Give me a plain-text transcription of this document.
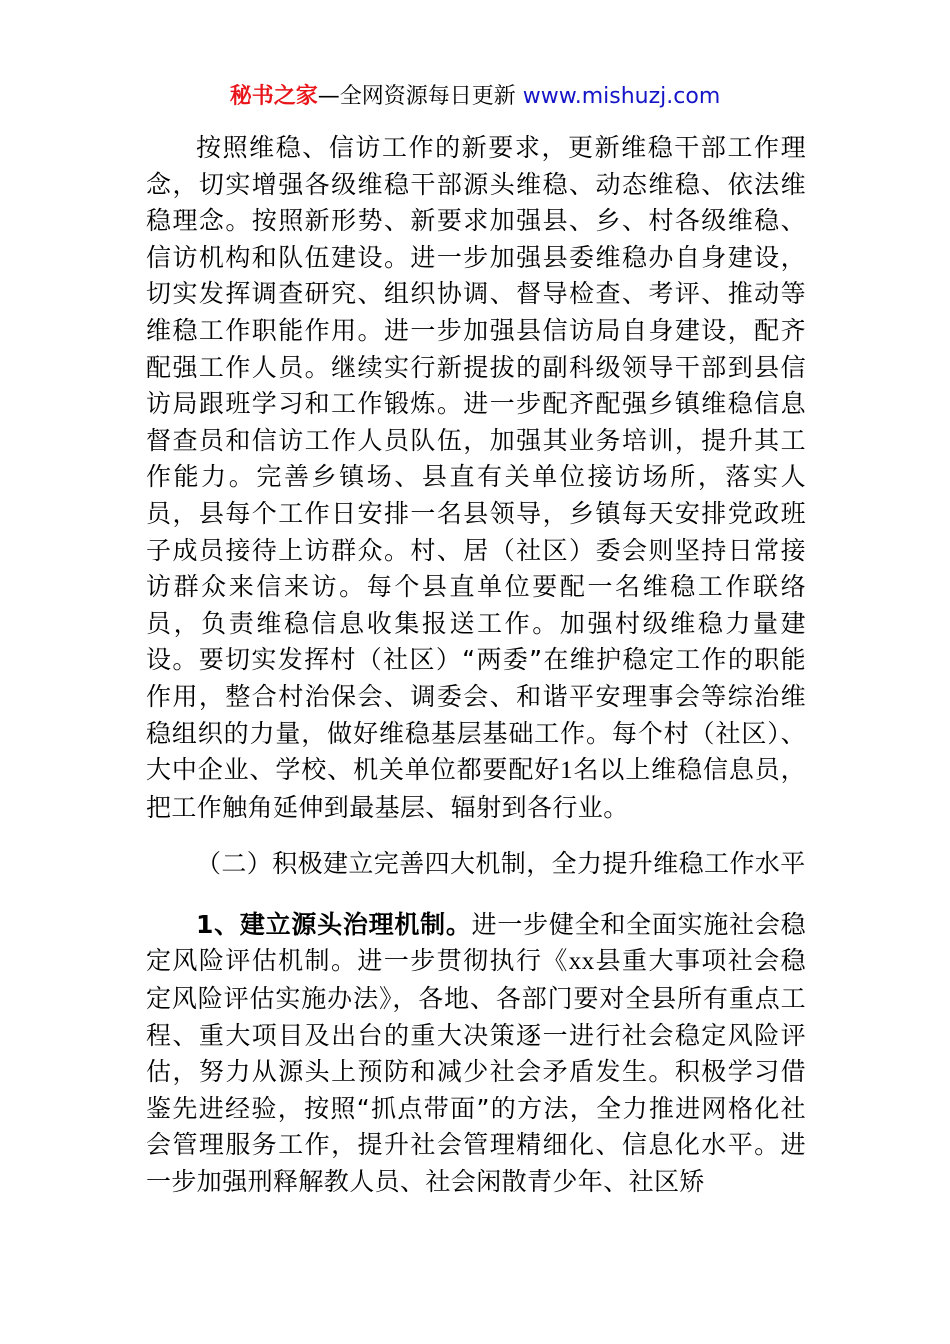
秘书之家—全网资源每日更新 www.mishuzj.com

按照维稳、信访工作的新要求，更新维稳干部工作理念，切实增强各级维稳干部源头维稳、动态维稳、依法维稳理念。按照新形势、新要求加强县、乡、村各级维稳、信访机构和队伍建设。进一步加强县委维稳办自身建设，切实发挥调查研究、组织协调、督导检查、考评、推动等维稳工作职能作用。进一步加强县信访局自身建设，配齐配强工作人员。继续实行新提拔的副科级领导干部到县信访局跟班学习和工作锻炼。进一步配齐配强乡镇维稳信息督查员和信访工作人员队伍，加强其业务培训，提升其工作能力。完善乡镇场、县直有关单位接访场所，落实人员，县每个工作日安排一名县领导，乡镇每天安排党政班子成员接待上访群众。村、居（社区）委会则坚持日常接访群众来信来访。每个县直单位要配一名维稳工作联络员，负责维稳信息收集报送工作。加强村级维稳力量建设。要切实发挥村（社区）“两委”在维护稳定工作的职能作用，整合村治保会、调委会、和谐平安理事会等综治维稳组织的力量，做好维稳基层基础工作。每个村（社区）、大中企业、学校、机关单位都要配好1名以上维稳信息员，把工作触角延伸到最基层、辐射到各行业。

（二）积极建立完善四大机制，全力提升维稳工作水平

1、建立源头治理机制。进一步健全和全面实施社会稳定风险评估机制。进一步贯彻执行《xx县重大事项社会稳定风险评估实施办法》，各地、各部门要对全县所有重点工程、重大项目及出台的重大决策逐一进行社会稳定风险评估，努力从源头上预防和减少社会矛盾发生。积极学习借鉴先进经验，按照“抓点带面”的方法，全力推进网格化社会管理服务工作，提升社会管理精细化、信息化水平。进一步加强刑释解教人员、社会闲散青少年、社区矫
